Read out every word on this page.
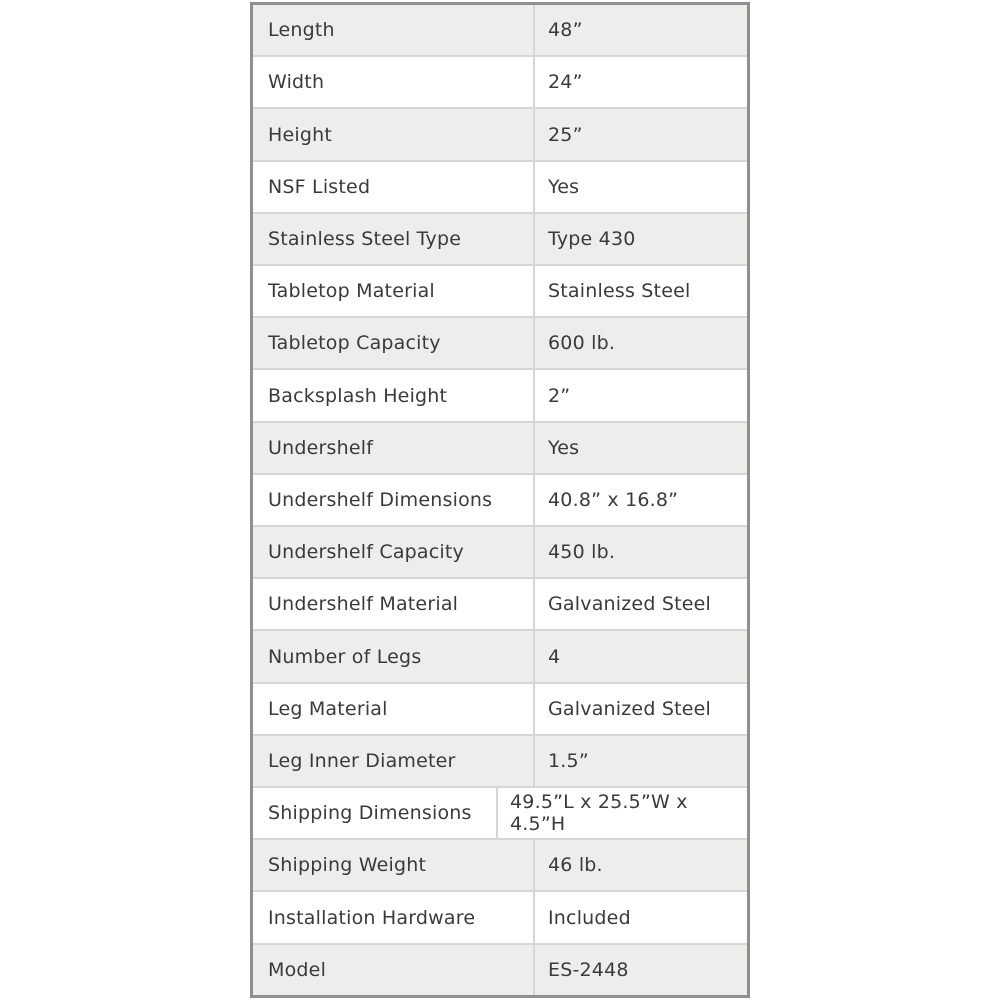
Length	48”
Width	24”
Height	25”
NSF Listed	Yes
Stainless Steel Type	Type 430
Tabletop Material	Stainless Steel
Tabletop Capacity	600 lb.
Backsplash Height	2”
Undershelf	Yes
Undershelf Dimensions	40.8” x 16.8”
Undershelf Capacity	450 lb.
Undershelf Material	Galvanized Steel
Number of Legs	4
Leg Material	Galvanized Steel
Leg Inner Diameter	1.5”
Shipping Dimensions	49.5”L x 25.5”W x 4.5”H
Shipping Weight	46 lb.
Installation Hardware	Included
Model	ES-2448
